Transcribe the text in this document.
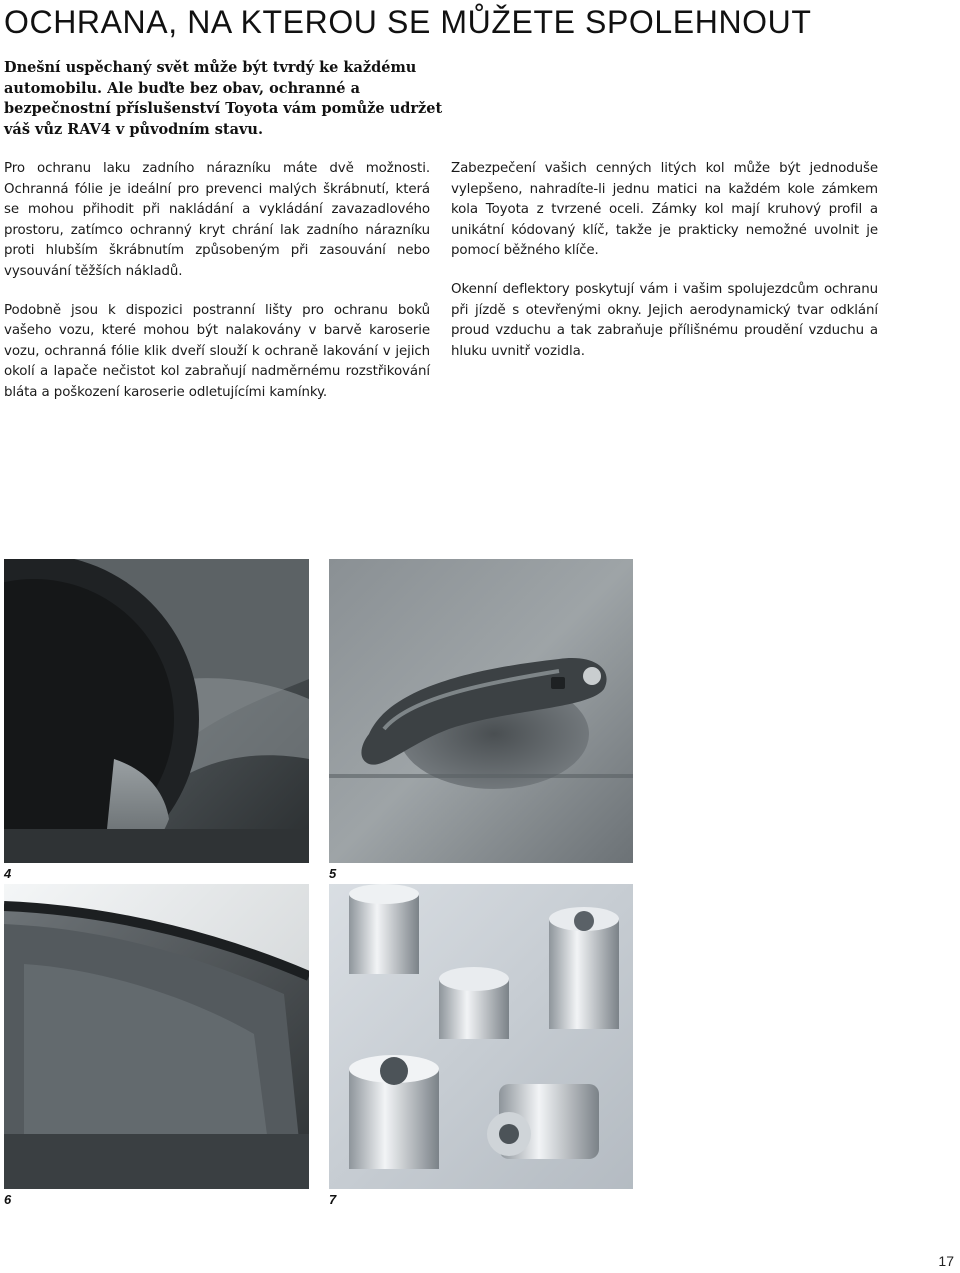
OCHRANA, NA KTEROU SE MŮŽETE SPOLEHNOUT

Dnešní uspěchaný svět může být tvrdý ke každému automobilu. Ale buďte bez obav, ochranné a bezpečnostní příslušenství Toyota vám pomůže udržet váš vůz RAV4 v původním stavu.

Pro ochranu laku zadního nárazníku máte dvě možnosti. Ochranná fólie je ideální pro prevenci malých škrábnutí, která se mohou přihodit při nakládání a vykládání zavazadlového prostoru, zatímco ochranný kryt chrání lak zadního nárazníku proti hlubším škrábnutím způsobeným při zasouvání nebo vysouvání těžších nákladů.

Podobně jsou k dispozici postranní lišty pro ochranu boků vašeho vozu, které mohou být nalakovány v barvě karoserie vozu, ochranná fólie klik dveří slouží k ochraně lakování v jejich okolí a lapače nečistot kol zabraňují nadměrnému rozstřikování bláta a poškození karoserie odletujícími kamínky.

Zabezpečení vašich cenných litých kol může být jednoduše vylepšeno, nahradíte-li jednu matici na každém kole zámkem kola Toyota z tvrzené oceli. Zámky kol mají kruhový profil a unikátní kódovaný klíč, takže je prakticky nemožné uvolnit je pomocí běžného klíče.

Okenní deflektory poskytují vám i vašim spolujezdcům ochranu při jízdě s otevřenými okny. Jejich aerodynamický tvar odklání proud vzduchu a tak zabraňuje přílišnému proudění vzduchu a hluku uvnitř vozidla.

4	5
6	7
17
